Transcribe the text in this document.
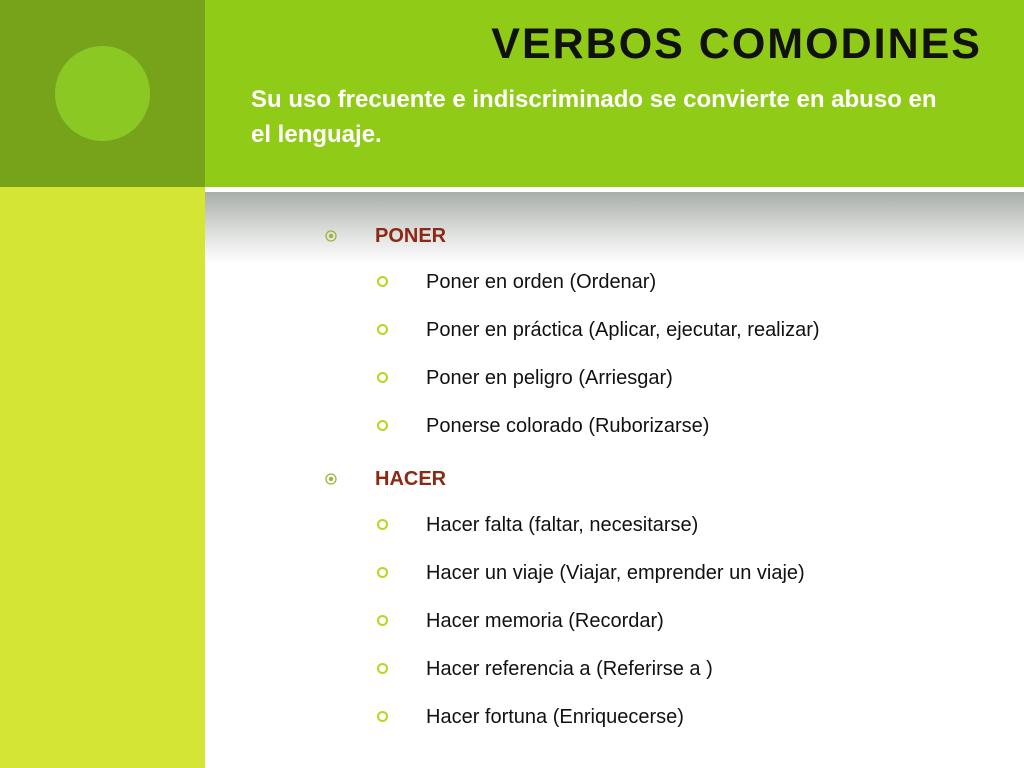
VERBOS COMODINES
Su uso frecuente e indiscriminado se convierte en abuso en el lenguaje.
PONER
Poner en orden (Ordenar)
Poner en práctica (Aplicar, ejecutar, realizar)
Poner en peligro (Arriesgar)
Ponerse colorado (Ruborizarse)
HACER
Hacer falta (faltar, necesitarse)
Hacer un viaje (Viajar, emprender un viaje)
Hacer memoria (Recordar)
Hacer referencia a (Referirse a )
Hacer fortuna (Enriquecerse)
